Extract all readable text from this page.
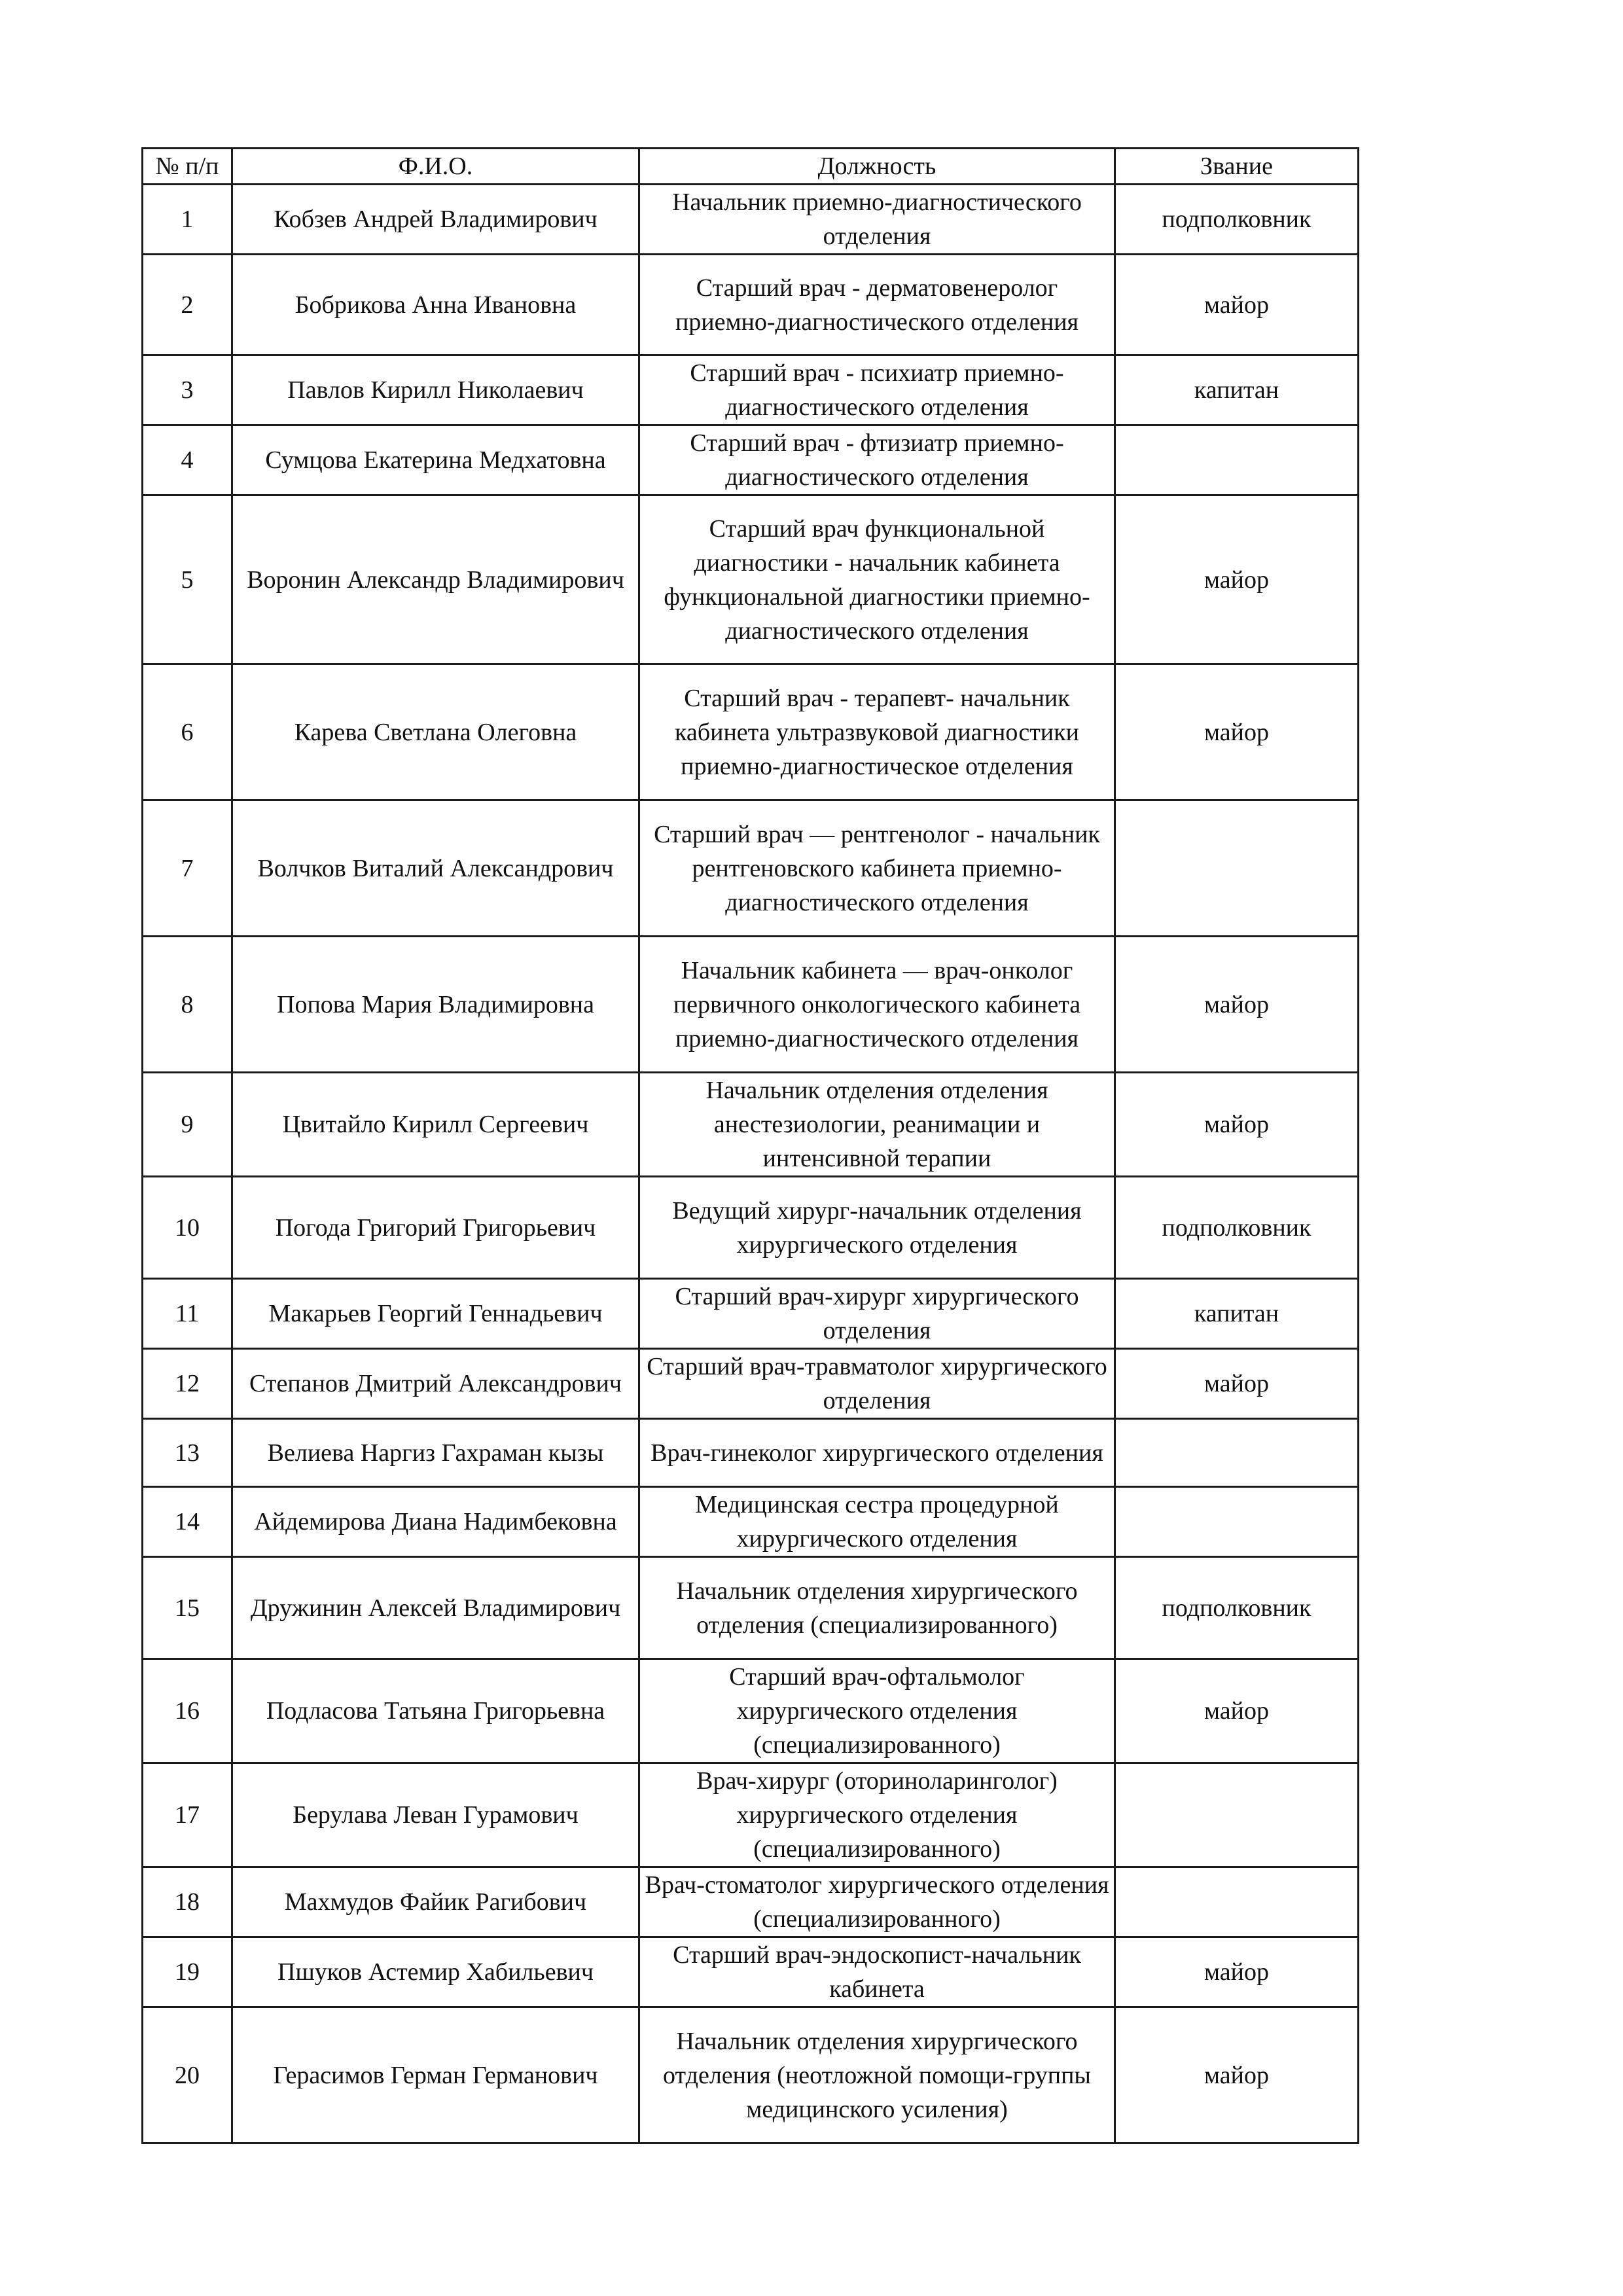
№ п/п	Ф.И.О.	Должность	Звание
1	Кобзев Андрей Владимирович	Начальник приемно-диагностического отделения	подполковник
2	Бобрикова Анна Ивановна	Старший врач - дерматовенеролог приемно-диагностического отделения	майор
3	Павлов Кирилл Николаевич	Старший врач - психиатр приемно-диагностического отделения	капитан
4	Сумцова Екатерина Медхатовна	Старший врач - фтизиатр приемно-диагностического отделения	
5	Воронин Александр Владимирович	Старший врач функциональной диагностики - начальник кабинета функциональной диагностики приемно-диагностического отделения	майор
6	Карева Светлана Олеговна	Старший врач - терапевт- начальник кабинета ультразвуковой диагностики приемно-диагностическое отделения	майор
7	Волчков Виталий Александрович	Старший врач — рентгенолог - начальник рентгеновского кабинета приемно-диагностического отделения	
8	Попова Мария Владимировна	Начальник кабинета — врач-онколог первичного онкологического кабинета приемно-диагностического отделения	майор
9	Цвитайло Кирилл Сергеевич	Начальник отделения отделения анестезиологии, реанимации и интенсивной терапии	майор
10	Погода Григорий Григорьевич	Ведущий хирург-начальник отделения хирургического отделения	подполковник
11	Макарьев Георгий Геннадьевич	Старший врач-хирург хирургического отделения	капитан
12	Степанов Дмитрий Александрович	Старший врач-травматолог хирургического отделения	майор
13	Велиева Наргиз Гахраман кызы	Врач-гинеколог хирургического отделения	
14	Айдемирова Диана Надимбековна	Медицинская сестра процедурной хирургического отделения	
15	Дружинин Алексей Владимирович	Начальник отделения хирургического отделения (специализированного)	подполковник
16	Подласова Татьяна Григорьевна	Старший врач-офтальмолог хирургического отделения (специализированного)	майор
17	Берулава Леван Гурамович	Врач-хирург (оториноларинголог) хирургического отделения (специализированного)	
18	Махмудов Файик Рагибович	Врач-стоматолог хирургического отделения (специализированного)	
19	Пшуков Астемир Хабильевич	Старший врач-эндоскопист-начальник кабинета	майор
20	Герасимов Герман Германович	Начальник отделения хирургического отделения (неотложной помощи-группы медицинского усиления)	майор
